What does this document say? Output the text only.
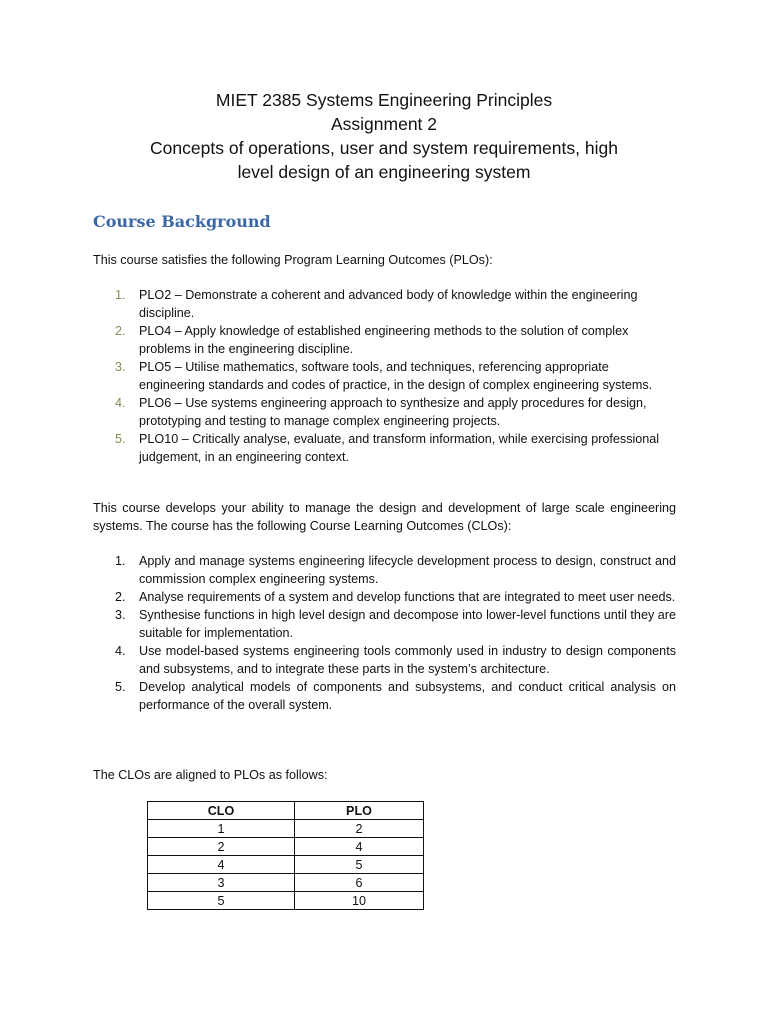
MIET 2385 Systems Engineering Principles
Assignment 2
Concepts of operations, user and system requirements, high
level design of an engineering system
Course Background
This course satisfies the following Program Learning Outcomes (PLOs):
1. PLO2 – Demonstrate a coherent and advanced body of knowledge within the engineering discipline.
2. PLO4 – Apply knowledge of established engineering methods to the solution of complex problems in the engineering discipline.
3. PLO5 – Utilise mathematics, software tools, and techniques, referencing appropriate engineering standards and codes of practice, in the design of complex engineering systems.
4. PLO6 – Use systems engineering approach to synthesize and apply procedures for design, prototyping and testing to manage complex engineering projects.
5. PLO10 – Critically analyse, evaluate, and transform information, while exercising professional judgement, in an engineering context.
This course develops your ability to manage the design and development of large scale engineering systems. The course has the following Course Learning Outcomes (CLOs):
1. Apply and manage systems engineering lifecycle development process to design, construct and commission complex engineering systems.
2. Analyse requirements of a system and develop functions that are integrated to meet user needs.
3. Synthesise functions in high level design and decompose into lower-level functions until they are suitable for implementation.
4. Use model-based systems engineering tools commonly used in industry to design components and subsystems, and to integrate these parts in the system’s architecture.
5. Develop analytical models of components and subsystems, and conduct critical analysis on performance of the overall system.
The CLOs are aligned to PLOs as follows:
CLO	PLO
1	2
2	4
4	5
3	6
5	10
